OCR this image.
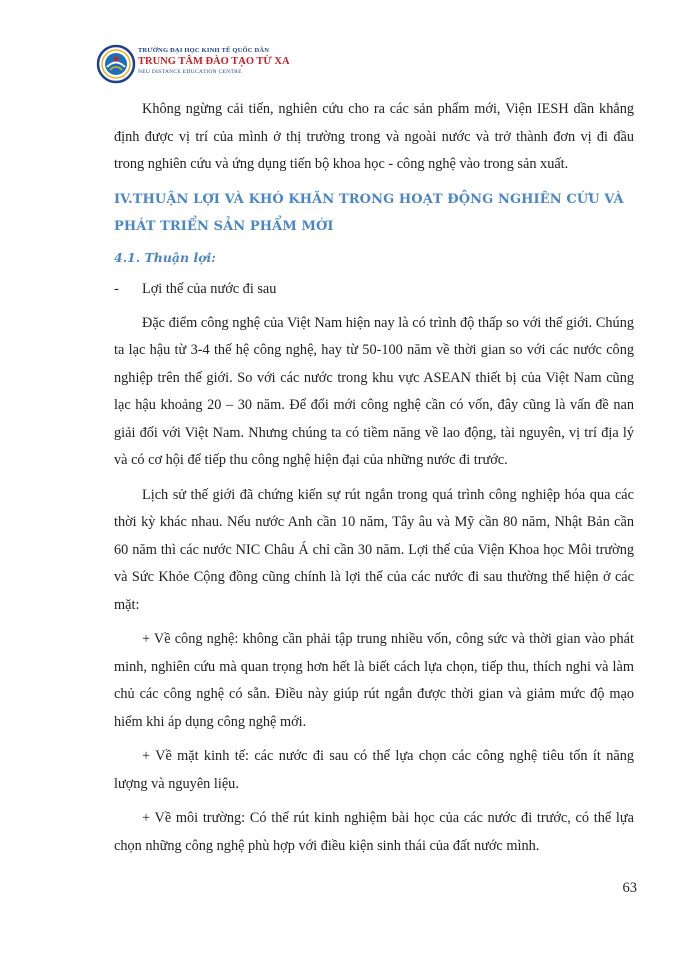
TRƯỜNG ĐẠI HỌC KINH TẾ QUỐC DÂN
TRUNG TÂM ĐÀO TẠO TỪ XA
NEU DISTANCE EDUCATION CENTRE

Không ngừng cải tiến, nghiên cứu cho ra các sản phẩm mới, Viện IESH dần khẳng định được vị trí của mình ở thị trường trong và ngoài nước và trở thành đơn vị đi đầu trong nghiên cứu và ứng dụng tiến bộ khoa học - công nghệ vào trong sản xuất.

IV.THUẬN LỢI VÀ KHÓ KHĂN TRONG HOẠT ĐỘNG NGHIÊN CỨU VÀ PHÁT TRIỂN SẢN PHẨM MỚI
4.1. Thuận lợi:
- Lợi thế của nước đi sau

Đặc điểm công nghệ của Việt Nam hiện nay là có trình độ thấp so với thế giới. Chúng ta lạc hậu từ 3-4 thế hệ công nghệ, hay từ 50-100 năm về thời gian so với các nước công nghiệp trên thế giới. So với các nước trong khu vực ASEAN thiết bị của Việt Nam cũng lạc hậu khoảng 20 – 30 năm. Để đổi mới công nghệ cần có vốn, đây cũng là vấn đề nan giải đối với Việt Nam. Nhưng chúng ta có tiềm năng về lao động, tài nguyên, vị trí địa lý và có cơ hội để tiếp thu công nghệ hiện đại của những nước đi trước.

Lịch sử thế giới đã chứng kiến sự rút ngắn trong quá trình công nghiệp hóa qua các thời kỳ khác nhau. Nếu nước Anh cần 10 năm, Tây âu và Mỹ cần 80 năm, Nhật Bản cần 60 năm thì các nước NIC Châu Á chỉ cần 30 năm. Lợi thế của Viện Khoa học Môi trường và Sức Khỏe Cộng đồng cũng chính là lợi thế của các nước đi sau thường thể hiện ở các mặt:

+ Về công nghệ: không cần phải tập trung nhiều vốn, công sức và thời gian vào phát minh, nghiên cứu mà quan trọng hơn hết là biết cách lựa chọn, tiếp thu, thích nghi và làm chủ các công nghệ có sẵn. Điều này giúp rút ngắn được thời gian và giảm mức độ mạo hiểm khi áp dụng công nghệ mới.

+ Về mặt kinh tế: các nước đi sau có thể lựa chọn các công nghệ tiêu tốn ít năng lượng và nguyên liệu.

+ Về môi trường: Có thể rút kinh nghiệm bài học của các nước đi trước, có thể lựa chọn những công nghệ phù hợp với điều kiện sinh thái của đất nước mình.

63
